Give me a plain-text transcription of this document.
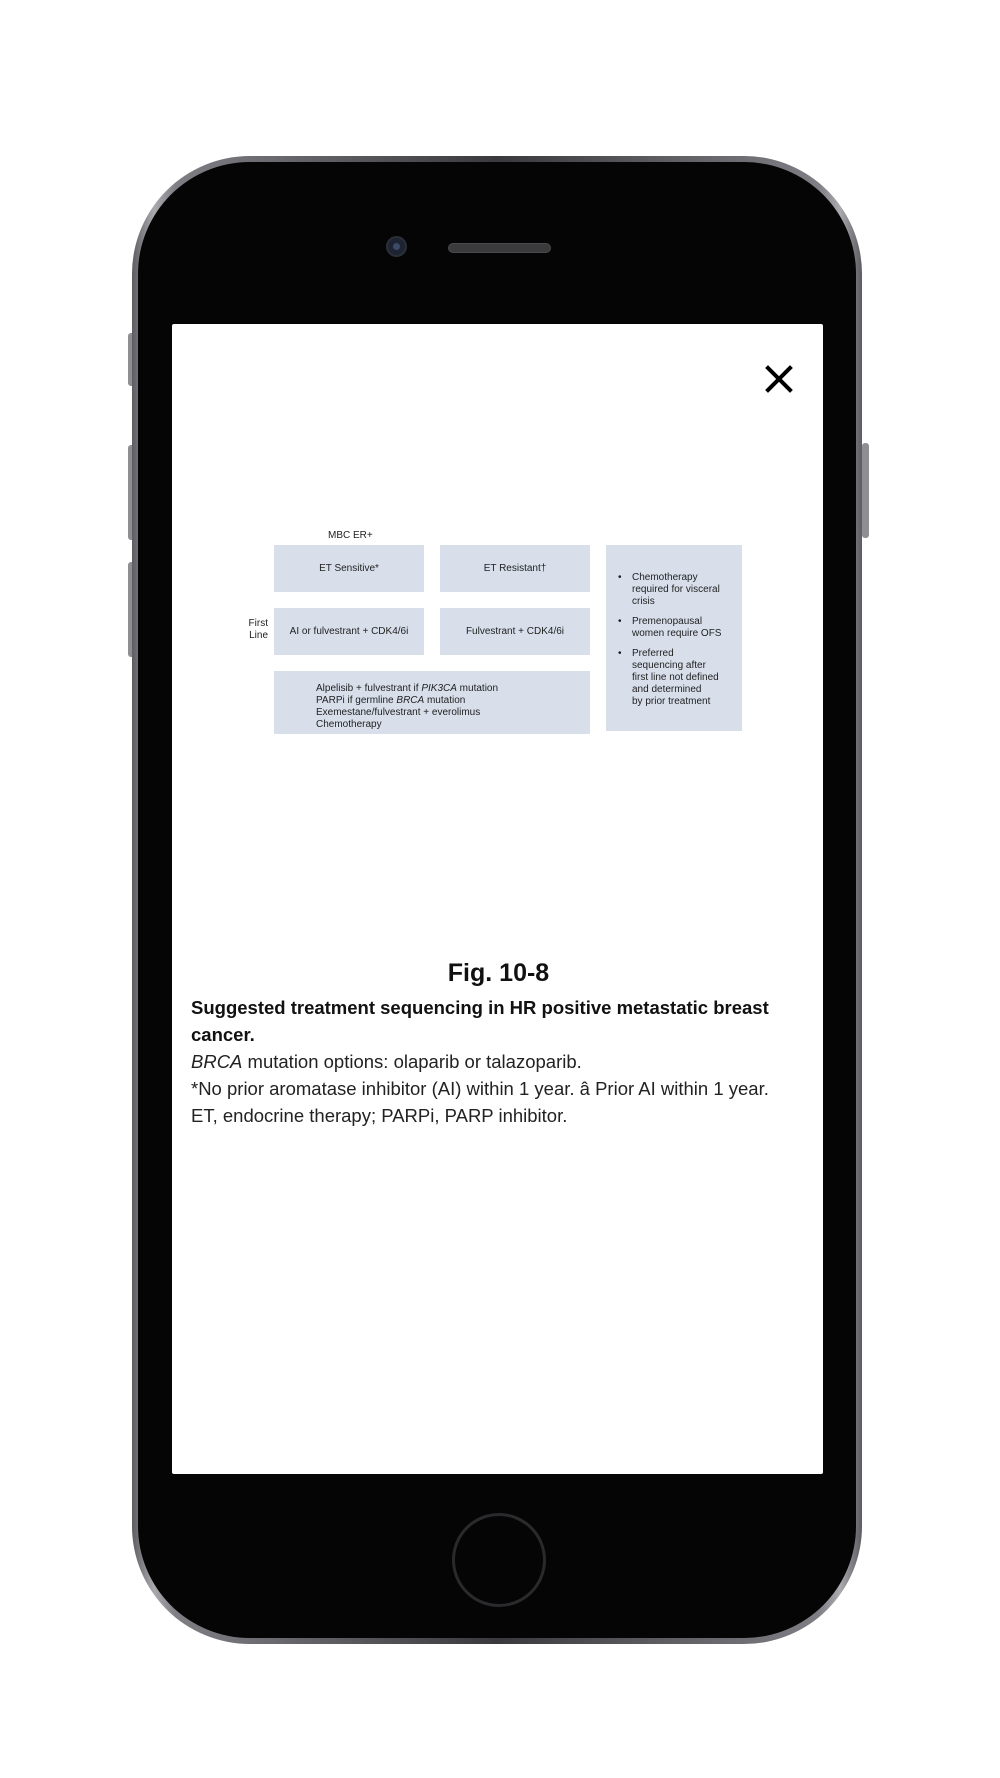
MBC ER+
First
Line
ET Sensitive*	ET Resistant†
AI or fulvestrant + CDK4/6i	Fulvestrant + CDK4/6i
Alpelisib + fulvestrant if PIK3CA mutation
PARPi if germline BRCA mutation
Exemestane/fulvestrant + everolimus
Chemotherapy
• Chemotherapy
required for visceral
crisis
• Premenopausal
women require OFS
• Preferred
sequencing after
first line not defined
and determined
by prior treatment
Fig. 10-8
Suggested treatment sequencing in HR positive metastatic breast
cancer.
BRCA mutation options: olaparib or talazoparib.
*No prior aromatase inhibitor (AI) within 1 year. â Prior AI within 1 year.
ET, endocrine therapy; PARPi, PARP inhibitor.
